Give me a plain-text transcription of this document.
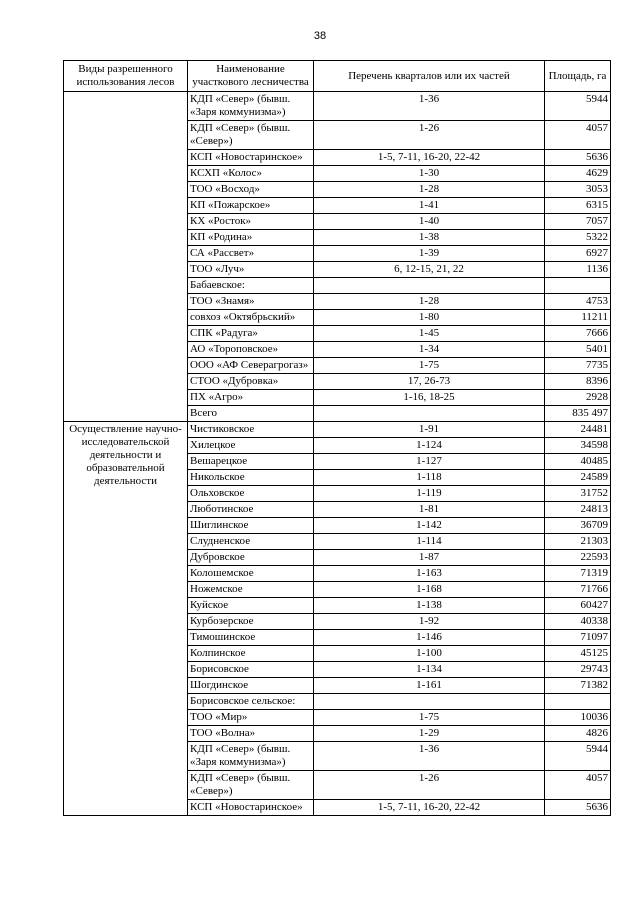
38
Виды разрешенного использования лесов	Наименование участкового лесничества	Перечень кварталов или их частей	Площадь, га
	КДП «Север» (бывш. «Заря коммунизма»)	1-36	5944
	КДП «Север» (бывш. «Север»)	1-26	4057
	КСП «Новостаринское»	1-5, 7-11, 16-20, 22-42	5636
	КСХП «Колос»	1-30	4629
	ТОО «Восход»	1-28	3053
	КП «Пожарское»	1-41	6315
	КХ «Росток»	1-40	7057
	КП «Родина»	1-38	5322
	СА «Рассвет»	1-39	6927
	ТОО «Луч»	6, 12-15, 21, 22	1136
	Бабаевское:		
	ТОО «Знамя»	1-28	4753
	совхоз «Октябрьский»	1-80	11211
	СПК «Радуга»	1-45	7666
	АО «Тороповское»	1-34	5401
	ООО «АФ Северагрогаз»	1-75	7735
	СТОО «Дубровка»	17, 26-73	8396
	ПХ «Агро»	1-16, 18-25	2928
	Всего		835 497
Осуществление научно-исследовательской деятельности и образовательной деятельности	Чистиковское	1-91	24481
	Хилецкое	1-124	34598
	Вешарецкое	1-127	40485
	Никольское	1-118	24589
	Ольховское	1-119	31752
	Люботинское	1-81	24813
	Шиглинское	1-142	36709
	Слудненское	1-114	21303
	Дубровское	1-87	22593
	Колошемское	1-163	71319
	Ножемское	1-168	71766
	Куйское	1-138	60427
	Курбозерское	1-92	40338
	Тимошинское	1-146	71097
	Колпинское	1-100	45125
	Борисовское	1-134	29743
	Шогдинское	1-161	71382
	Борисовское сельское:		
	ТОО «Мир»	1-75	10036
	ТОО «Волна»	1-29	4826
	КДП «Север» (бывш. «Заря коммунизма»)	1-36	5944
	КДП «Север» (бывш. «Север»)	1-26	4057
	КСП «Новостаринское»	1-5, 7-11, 16-20, 22-42	5636
